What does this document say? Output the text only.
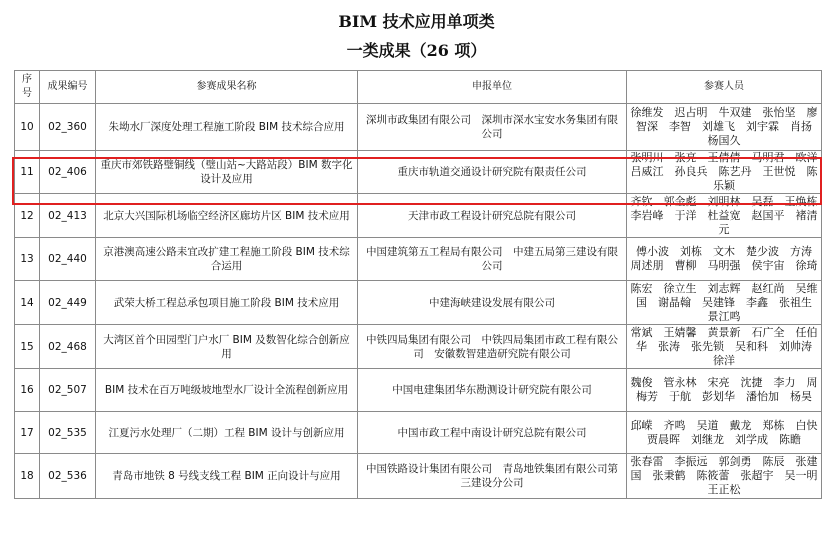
BIM 技术应用单项类
一类成果（26 项）
序
号	成果编号	参赛成果名称	申报单位	参赛人员
10	02_360	朱坳水厂深度处理工程施工阶段 BIM 技术综合应用	深圳市政集团有限公司　深圳市深水宝安水务集团有限公司	徐维发　迟占明　牛双建　张怡坚　廖智深　李智　刘雄飞　刘宇霖　肖扬　杨国久
11	02_406	重庆市郊铁路璧铜线（璧山站~大路站段）BIM 数字化设计及应用	重庆市轨道交通设计研究院有限责任公司	张明川　张亮　王倩倩　马明君　欧洋　吕威江　孙良兵　陈艺丹　王世悦　陈乐颖
12	02_413	北京大兴国际机场临空经济区廊坊片区 BIM 技术应用	天津市政工程设计研究总院有限公司	齐钦　郭金彪　刘明林　吴磊　王焕栋　李岩峰　于洋　杜益宽　赵国平　褚清元
13	02_440	京港澳高速公路耒宜改扩建工程施工阶段 BIM 技术综合运用	中国建筑第五工程局有限公司　中建五局第三建设有限公司	傅小波　刘栋　文木　楚少波　方涛　周述朋　曹柳　马明强　侯宇宙　徐琦
14	02_449	武荣大桥工程总承包项目施工阶段 BIM 技术应用	中建海峡建设发展有限公司	陈宏　徐立生　刘志辉　赵红尚　吴维国　谢晶翰　吴建锋　李鑫　张祖生　景江鸣
15	02_468	大湾区首个田园型门户水厂 BIM 及数智化综合创新应用	中铁四局集团有限公司　中铁四局集团市政工程有限公司　安徽数智建造研究院有限公司	常斌　王婧馨　黄景新　石广全　任伯华　张涛　张先锁　吴和科　刘帅涛　徐洋
16	02_507	BIM 技术在百万吨级坡地型水厂设计全流程创新应用	中国电建集团华东勘测设计研究院有限公司	魏俊　管永林　宋亮　沈捷　李力　周梅芳　于航　彭划华　潘怡加　杨昊
17	02_535	江夏污水处理厂（二期）工程 BIM 设计与创新应用	中国市政工程中南设计研究总院有限公司	邱嵘　齐鸣　吴道　戴龙　郑栋　白快　贾晨晖　刘继龙　刘学成　陈瞻
18	02_536	青岛市地铁 8 号线支线工程 BIM 正向设计与应用	中国铁路设计集团有限公司　青岛地铁集团有限公司第三建设分公司	张春雷　李振远　郭剑勇　陈辰　张建国　张秉鹤　陈筱蕾　张超宇　吴一明　王正松
